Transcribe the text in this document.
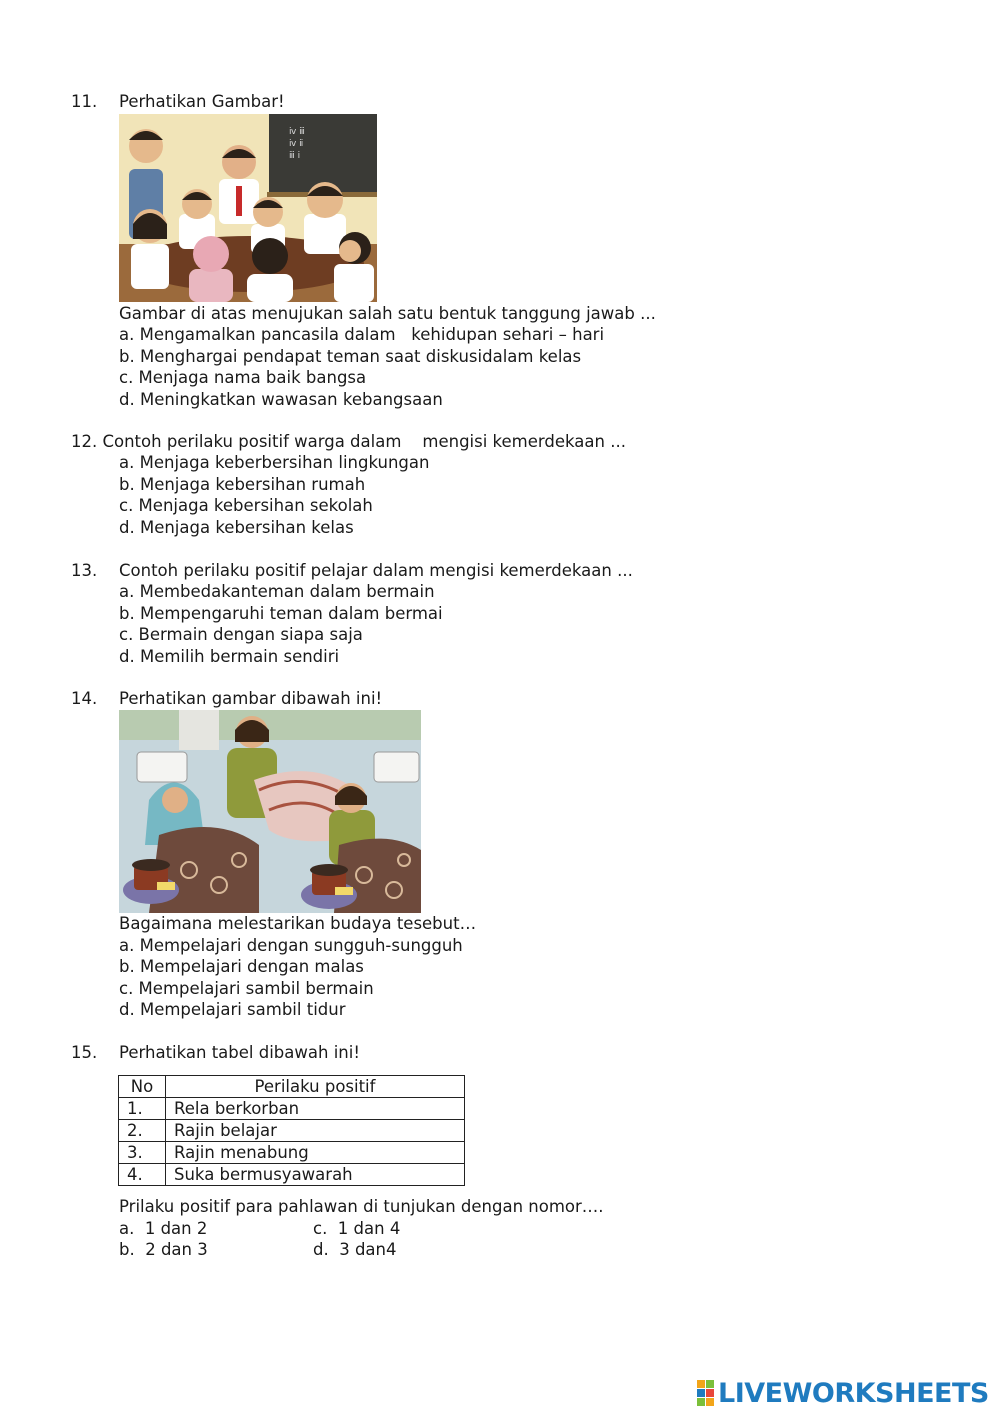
11. Perhatikan Gambar!
ⅳ ⅲ
ⅳ ⅱ
ⅲ ⅰ
Gambar di atas menujukan salah satu bentuk tanggung jawab ...
a. Mengamalkan pancasila dalam   kehidupan sehari – hari
b. Menghargai pendapat teman saat diskusidalam kelas
c. Menjaga nama baik bangsa
d. Meningkatkan wawasan kebangsaan
12. Contoh perilaku positif warga dalam    mengisi kemerdekaan ...
a. Menjaga keberbersihan lingkungan
b. Menjaga kebersihan rumah
c. Menjaga kebersihan sekolah
d. Menjaga kebersihan kelas
13. Contoh perilaku positif pelajar dalam mengisi kemerdekaan ...
a. Membedakanteman dalam bermain
b. Mempengaruhi teman dalam bermai
c. Bermain dengan siapa saja
d. Memilih bermain sendiri
14. Perhatikan gambar dibawah ini!
Bagaimana melestarikan budaya tesebut…
a. Mempelajari dengan sungguh-sungguh
b. Mempelajari dengan malas
c. Mempelajari sambil bermain
d. Mempelajari sambil tidur
15. Perhatikan tabel dibawah ini!
No	Perilaku positif
1.	Rela berkorban
2.	Rajin belajar
3.	Rajin menabung
4.	Suka bermusyawarah
Prilaku positif para pahlawan di tunjukan dengan nomor….
a.  1 dan 2	c.  1 dan 4
b.  2 dan 3	d.  3 dan4
LIVEWORKSHEETS
